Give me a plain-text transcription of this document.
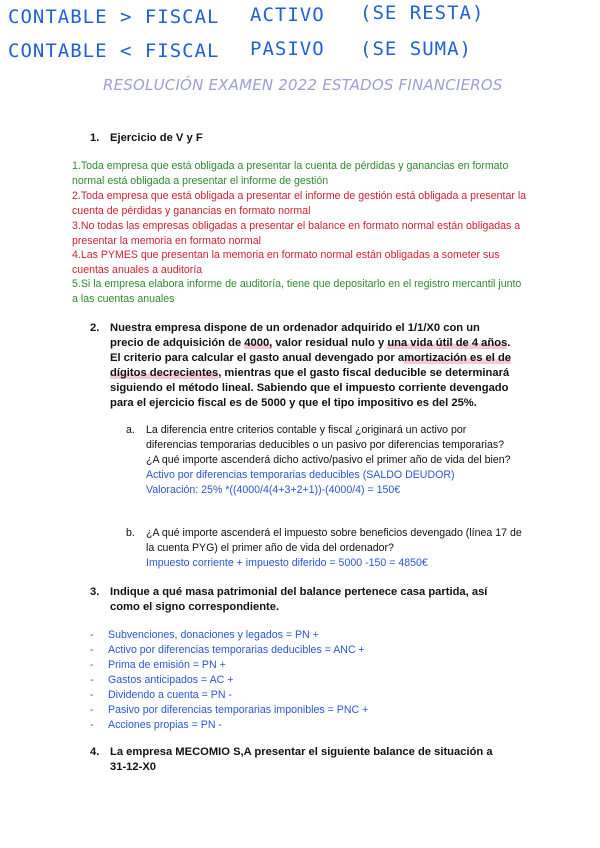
CONTABLE > FISCAL ACTIVO (SE RESTA)
CONTABLE < FISCAL PASIVO (SE SUMA)
RESOLUCIÓN EXAMEN 2022 ESTADOS FINANCIEROS
1. Ejercicio de V y F
1.Toda empresa que está obligada a presentar la cuenta de pérdidas y ganancias en formato normal está obligada a presentar el informe de gestión
2.Toda empresa que está obligada a presentar el informe de gestión está obligada a presentar la cuenta de pérdidas y ganancias en formato normal
3.No todas las empresas obligadas a presentar el balance en formato normal están obligadas a presentar la memoria en formato normal
4.Las PYMES que presentan la memoria en formato normal están obligadas a someter sus cuentas anuales a auditoría
5.Si la empresa elabora informe de auditoría, tiene que depositarlo en el registro mercantil junto a las cuentas anuales
2. Nuestra empresa dispone de un ordenador adquirido el 1/1/X0 con un precio de adquisición de 4000, valor residual nulo y una vida útil de 4 años. El criterio para calcular el gasto anual devengado por amortización es el de dígitos decrecientes, mientras que el gasto fiscal deducible se determinará siguiendo el método lineal. Sabiendo que el impuesto corriente devengado para el ejercicio fiscal es de 5000 y que el tipo impositivo es del 25%.
a. La diferencia entre criterios contable y fiscal ¿originará un activo por diferencias temporarias deducibles o un pasivo por diferencias temporarias?¿A qué importe ascenderá dicho activo/pasivo el primer año de vida del bien?
Activo por diferencias temporarias deducibles (SALDO DEUDOR)
Valoración: 25% *((4000/4(4+3+2+1))-(4000/4) = 150€
b. ¿A qué importe ascenderá el impuesto sobre beneficios devengado (línea 17 de la cuenta PYG) el primer año de vida del ordenador?
Impuesto corriente + impuesto diferido = 5000 -150 = 4850€
3. Indique a qué masa patrimonial del balance pertenece casa partida, así como el signo correspondiente.
- Subvenciones, donaciones y legados = PN +
- Activo por diferencias temporarias deducibles = ANC +
- Prima de emisión = PN +
- Gastos anticipados = AC +
- Dividendo a cuenta = PN -
- Pasivo por diferencias temporarias imponibles = PNC +
- Acciones propias = PN -
4. La empresa MECOMIO S,A presentar el siguiente balance de situación a 31-12-X0
